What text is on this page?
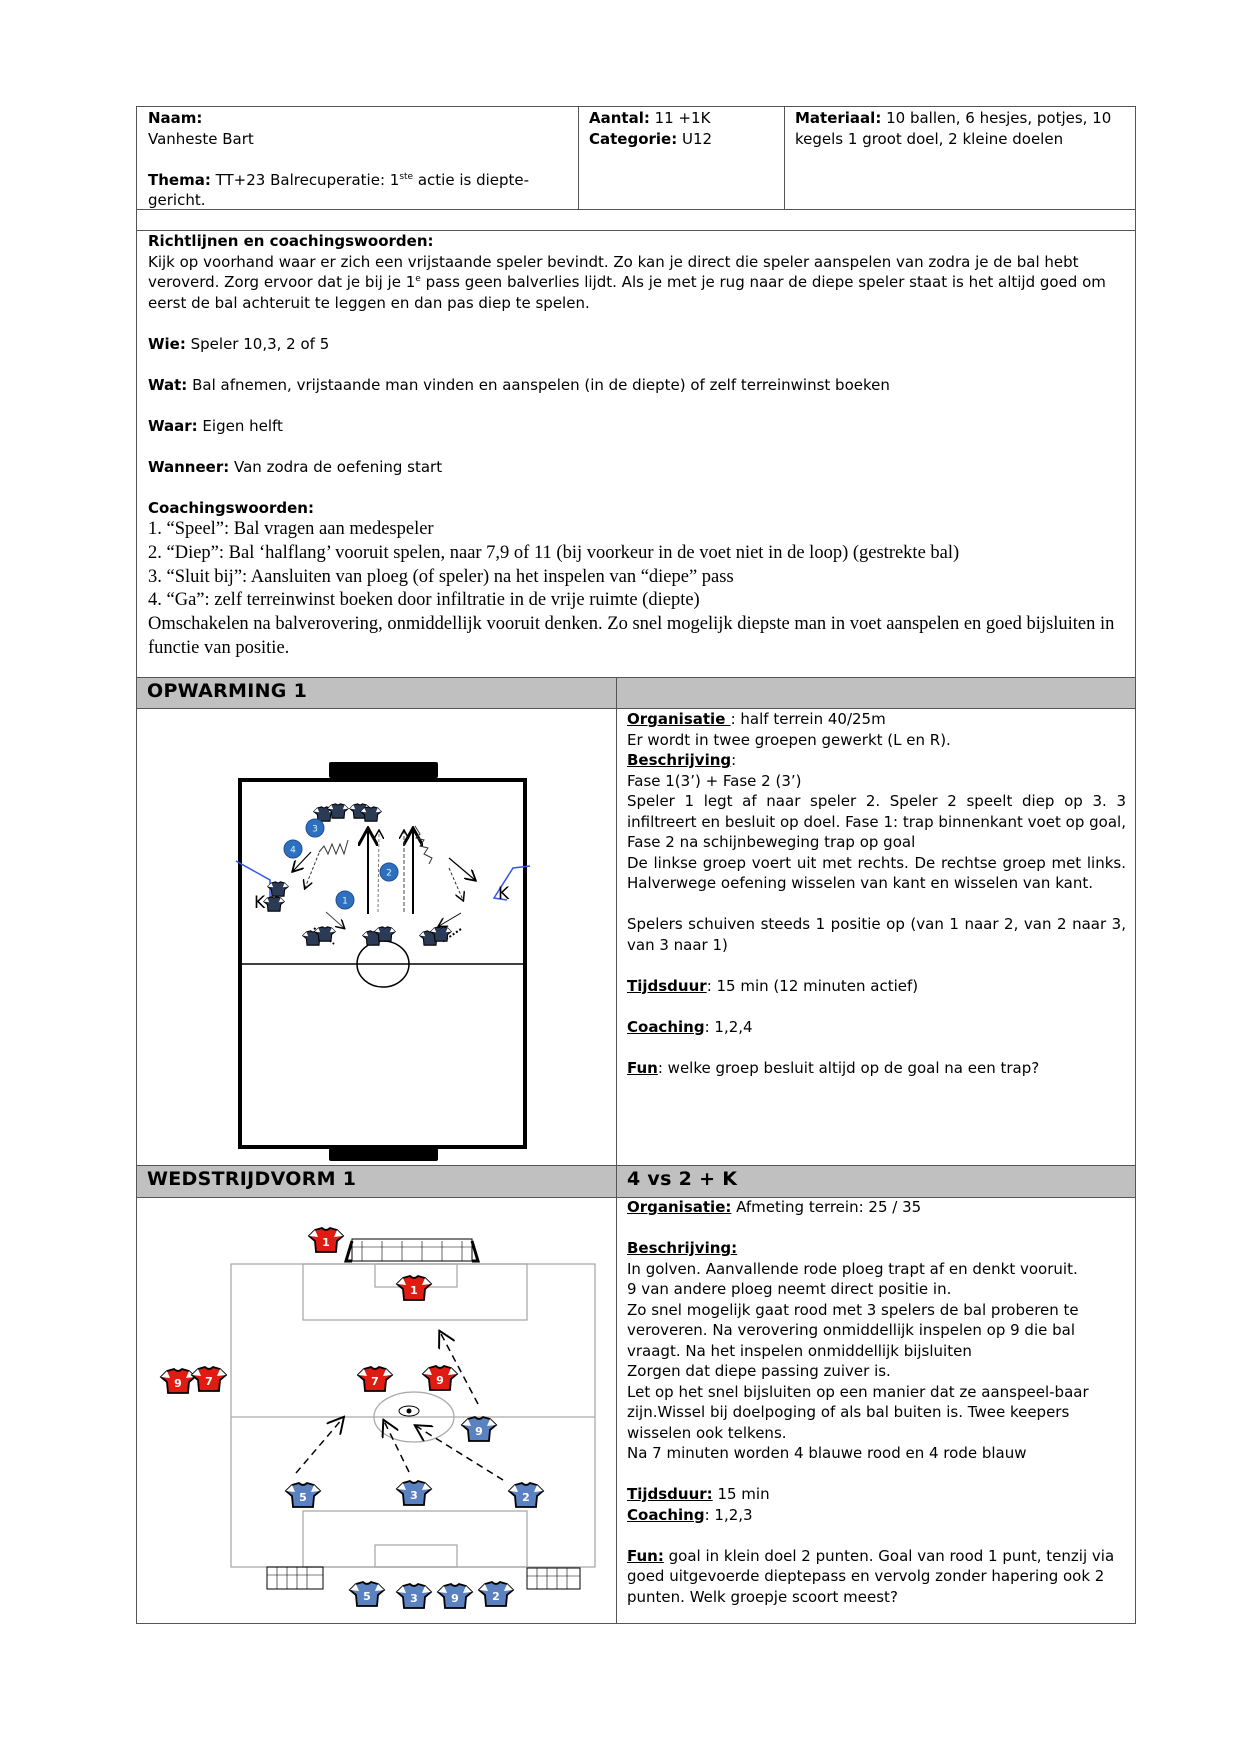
Naam:
Vanheste Bart
Thema: TT+23 Balrecuperatie: 1ste actie is diepte-gericht.
Aantal: 11 +1K
Categorie: U12
Materiaal: 10 ballen, 6 hesjes, potjes, 10 kegels 1 groot doel, 2 kleine doelen
Richtlijnen en coachingswoorden:

Kijk op voorhand waar er zich een vrijstaande speler bevindt. Zo kan je direct die speler aanspelen van zodra je de bal hebt veroverd. Zorg ervoor dat je bij je 1e pass geen balverlies lijdt. Als je met je rug naar de diepe speler staat is het altijd goed om eerst de bal achteruit te leggen en dan pas diep te spelen.

Wie: Speler 10,3, 2 of 5
Wat: Bal afnemen, vrijstaande man vinden en aanspelen (in de diepte) of zelf terreinwinst boeken
Waar: Eigen helft
Wanneer: Van zodra de oefening start
Coachingswoorden:
1. “Speel”: Bal vragen aan medespeler
2. “Diep”: Bal ‘halflang’ vooruit spelen, naar 7,9 of 11 (bij voorkeur in de voet niet in de loop) (gestrekte bal)
3. “Sluit bij”: Aansluiten van ploeg (of speler) na het inspelen van “diepe” pass
4. “Ga”: zelf terreinwinst boeken door infiltratie in de vrije ruimte (diepte)
Omschakelen na balverovering, onmiddellijk vooruit denken. Zo snel mogelijk diepste man in voet aanspelen en goed bijsluiten in functie van positie.
OPWARMING 1
K	K
1
2
3
4
Organisatie : half terrein 40/25m
Er wordt in twee groepen gewerkt (L en R).
Beschrijving:
Fase 1(3’) + Fase 2 (3’)

Speler 1 legt af naar speler 2. Speler 2 speelt diep op 3. 3 infiltreert en besluit op doel. Fase 1: trap binnenkant voet op goal, Fase 2 na schijnbeweging trap op goal

De linkse groep voert uit met rechts. De rechtse groep met links. Halverwege oefening wisselen van kant en wisselen van kant.

Spelers schuiven steeds 1 positie op (van 1 naar 2, van 2 naar 3, van 3 naar 1)

Tijdsduur: 15 min (12 minuten actief)
Coaching: 1,2,4
Fun: welke groep besluit altijd op de goal na een trap?
WEDSTRIJDVORM 1	4 vs 2 + K
1
1
9 7	7	9
9
5	3	2
5	3	9	2
Organisatie: Afmeting terrein: 25 / 35
Beschrijving:

In golven. Aanvallende rode ploeg trapt af en denkt vooruit.

9 van andere ploeg neemt direct positie in.

Zo snel mogelijk gaat rood met 3 spelers de bal proberen te veroveren. Na verovering onmiddellijk inspelen op 9 die bal vraagt. Na het inspelen onmiddellijk bijsluiten

Zorgen dat diepe passing zuiver is.

Let op het snel bijsluiten op een manier dat ze aanspeel-baar zijn.Wissel bij doelpoging of als bal buiten is. Twee keepers wisselen ook telkens.

Na 7 minuten worden 4 blauwe rood en 4 rode blauw

Tijdsduur: 15 min
Coaching: 1,2,3
Fun: goal in klein doel 2 punten. Goal van rood 1 punt, tenzij via goed uitgevoerde dieptepass en vervolg zonder hapering ook 2 punten. Welk groepje scoort meest?
